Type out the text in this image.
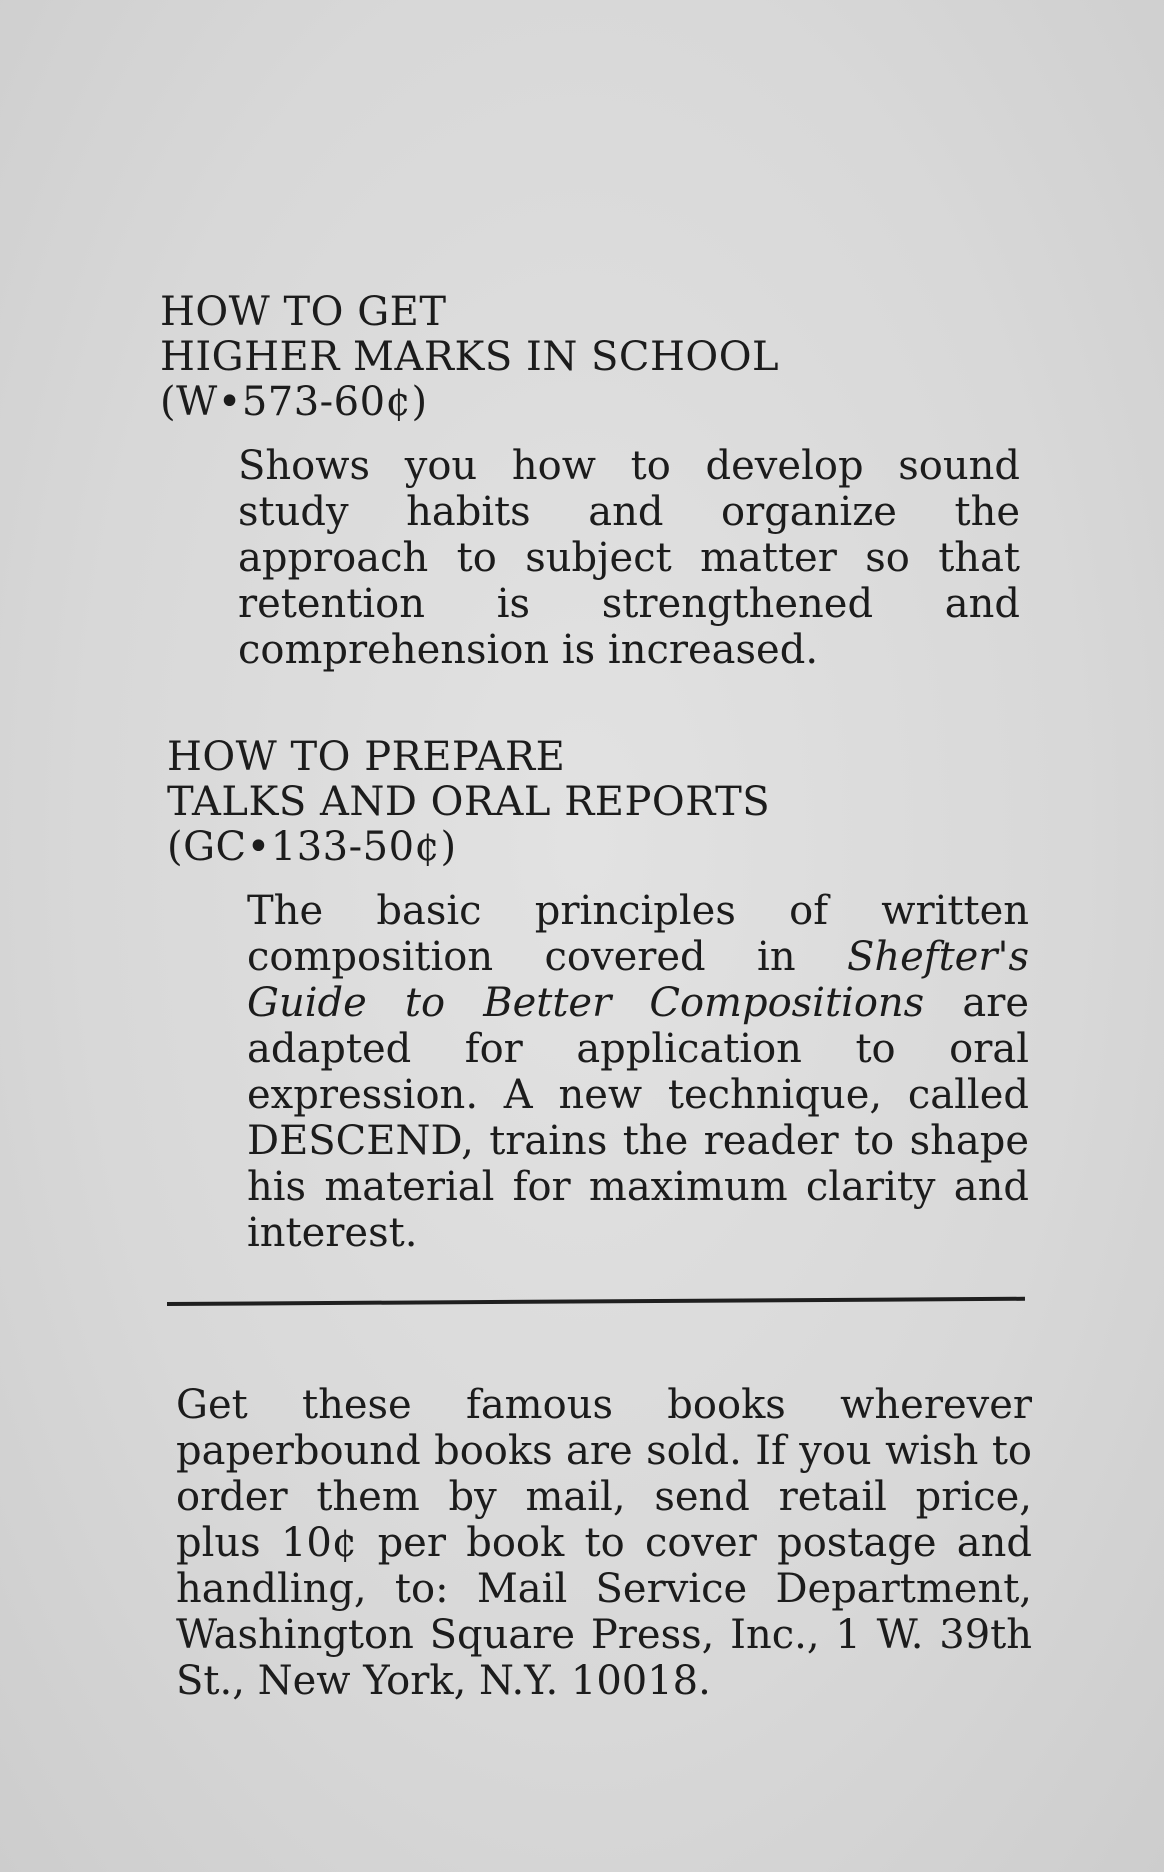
HOW TO GET
HIGHER MARKS IN SCHOOL
(W•573-60¢)
Shows you how to develop sound study habits and organize the approach to subject matter so that retention is strengthened and comprehension is increased.
HOW TO PREPARE
TALKS AND ORAL REPORTS
(GC•133-50¢)
The basic principles of written composition covered in Shefter's Guide to Better Compositions are adapted for application to oral expression. A new technique, called DESCEND, trains the reader to shape his material for maximum clarity and interest.
Get these famous books wherever paperbound books are sold. If you wish to order them by mail, send retail price, plus 10¢ per book to cover postage and handling, to: Mail Service Department, Washington Square Press, Inc., 1 W. 39th St., New York, N.Y. 10018.
